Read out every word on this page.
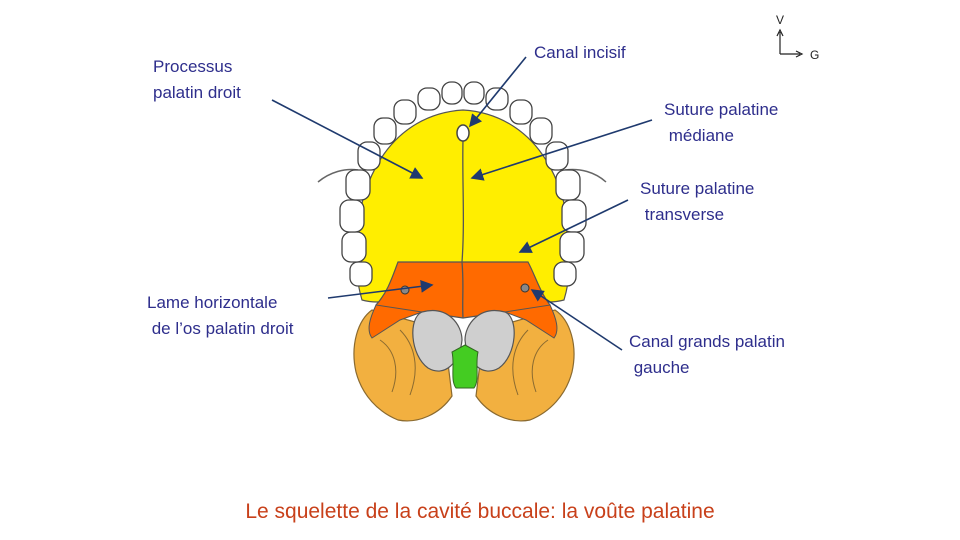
Processus
palatin droit
Canal incisif
Suture palatine
médiane
Suture palatine
transverse
Lame horizontale
de l’os palatin droit
Canal grands palatin
gauche
V
G
Le squelette de la cavité buccale: la voûte palatine
